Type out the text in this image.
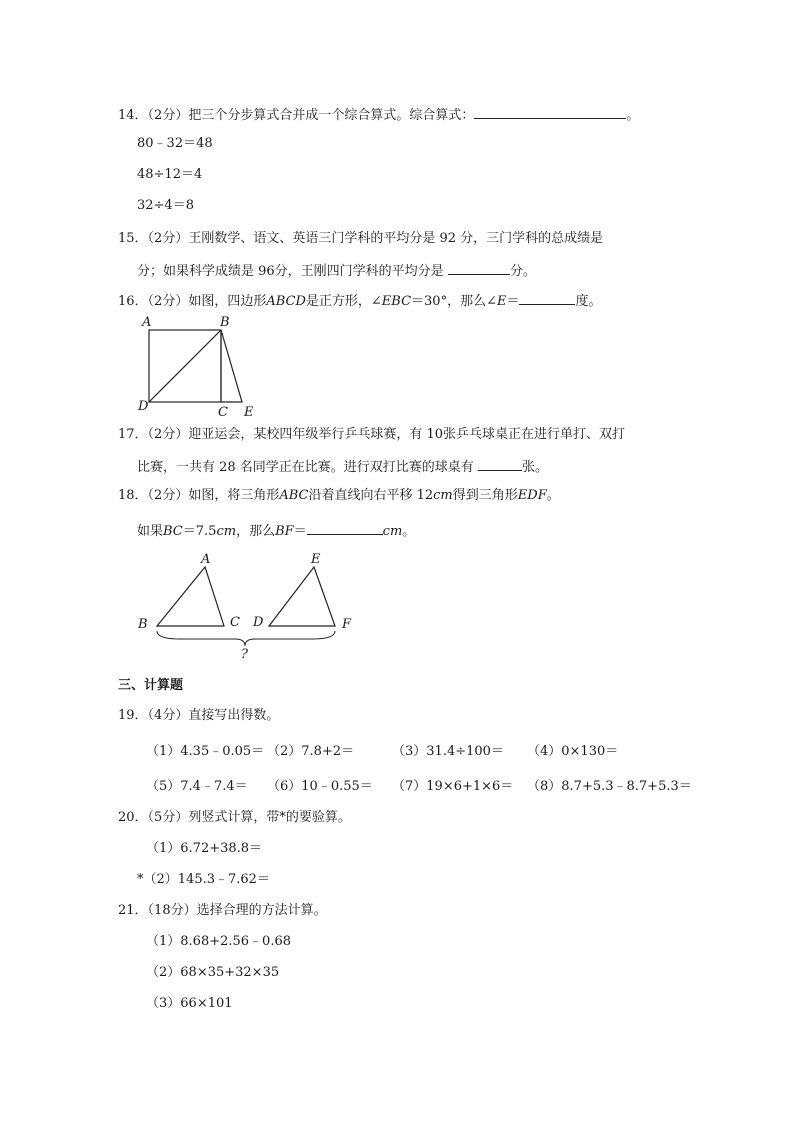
14．（2分）把三个分步算式合并成一个综合算式。综合算式：	。
80﹣32＝48
48÷12＝4
32÷4＝8
15．（2分）王刚数学、语文、英语三门学科的平均分是 92 分，三门学科的总成绩是
分；如果科学成绩是 96分，王刚四门学科的平均分是	分。
16．（2分）如图，四边形ABCD是正方形，∠EBC＝30°，那么∠E＝	度。
A	B
D	C E
17．（2分）迎亚运会，某校四年级举行乒乓球赛，有 10张乒乓球桌正在进行单打、双打
比赛，一共有 28 名同学正在比赛。进行双打比赛的球桌有	张。
18．（2分）如图，将三角形ABC沿着直线向右平移 12cm得到三角形EDF。
如果BC＝7.5cm，那么BF＝	cm。
A
B	C D
E
F
?
三、计算题
19．（4分）直接写出得数。
（1）4.35﹣0.05＝ （2）7.8+2＝	（3）31.4÷100＝ （4）0×130＝
（5）7.4﹣7.4＝ （6）10﹣0.55＝ （7）19×6+1×6＝ （8）8.7+5.3﹣8.7+5.3＝
20．（5分）列竖式计算，带*的要验算。
（1）6.72+38.8＝
*（2）145.3﹣7.62＝
21．（18分）选择合理的方法计算。
（1）8.68+2.56﹣0.68
（2）68×35+32×35
（3）66×101
